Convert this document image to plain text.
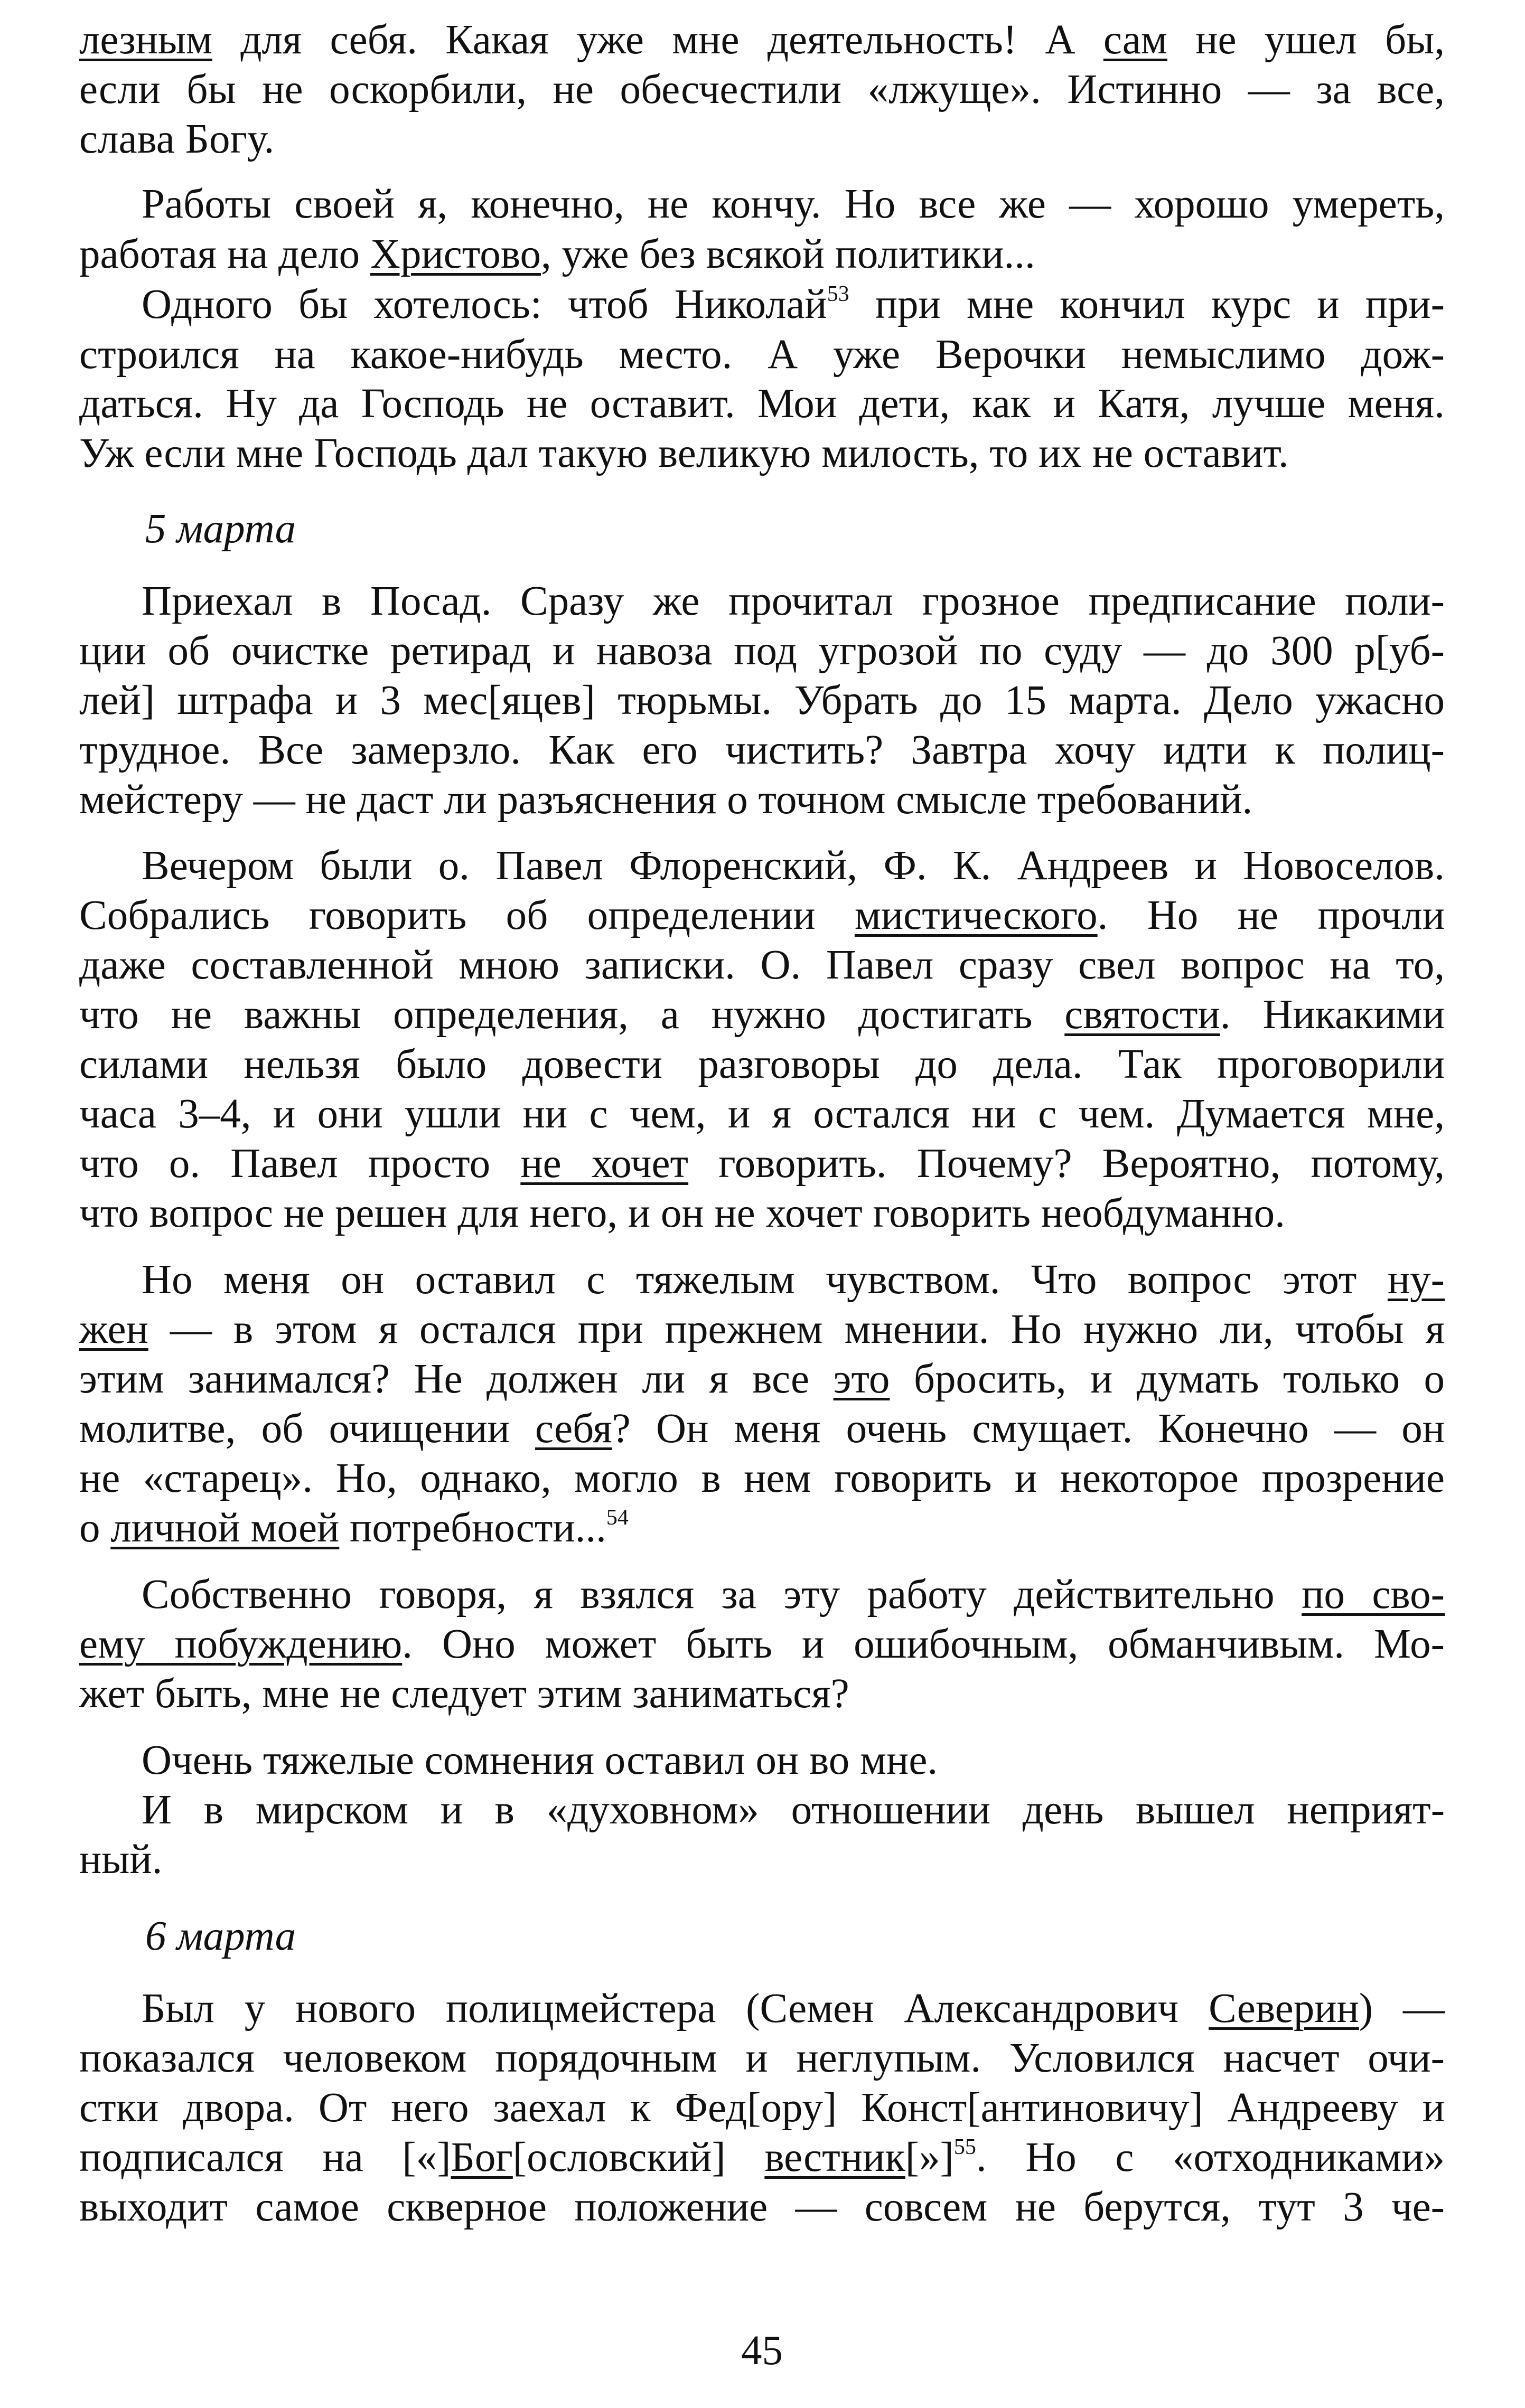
лезным для себя. Какая уже мне деятельность! А сам не ушел бы,
если бы не оскорбили, не обесчестили «лжуще». Истинно — за все,
слава Богу.
Работы своей я, конечно, не кончу. Но все же — хорошо умереть,
работая на дело Христово, уже без всякой политики...
Одного бы хотелось: чтоб Николай$^{53}$ при мне кончил курс и при-
строился на какое-нибудь место. А уже Верочки немыслимо дож-
даться. Ну да Господь не оставит. Мои дети, как и Катя, лучше меня.
Уж если мне Господь дал такую великую милость, то их не оставит.
5 марта
Приехал в Посад. Сразу же прочитал грозное предписание поли-
ции об очистке ретирад и навоза под угрозой по суду — до 300 р[уб-
лей] штрафа и 3 мес[яцев] тюрьмы. Убрать до 15 марта. Дело ужасно
трудное. Все замерзло. Как его чистить? Завтра хочу идти к полиц-
мейстеру — не даст ли разъяснения о точном смысле требований.
Вечером были о. Павел Флоренский, Ф. К. Андреев и Новоселов.
Собрались говорить об определении мистического. Но не прочли
даже составленной мною записки. О. Павел сразу свел вопрос на то,
что не важны определения, а нужно достигать святости. Никакими
силами нельзя было довести разговоры до дела. Так проговорили
часа 3–4, и они ушли ни с чем, и я остался ни с чем. Думается мне,
что о. Павел просто не хочет говорить. Почему? Вероятно, потому,
что вопрос не решен для него, и он не хочет говорить необдуманно.
Но меня он оставил с тяжелым чувством. Что вопрос этот ну-
жен — в этом я остался при прежнем мнении. Но нужно ли, чтобы я
этим занимался? Не должен ли я все это бросить, и думать только о
молитве, об очищении себя? Он меня очень смущает. Конечно — он
не «старец». Но, однако, могло в нем говорить и некоторое прозрение
о личной моей потребности...$^{54}$
Собственно говоря, я взялся за эту работу действительно по сво-
ему побуждению. Оно может быть и ошибочным, обманчивым. Мо-
жет быть, мне не следует этим заниматься?
Очень тяжелые сомнения оставил он во мне.
И в мирском и в «духовном» отношении день вышел неприят-
ный.
6 марта
Был у нового полицмейстера (Семен Александрович Северин) —
показался человеком порядочным и неглупым. Условился насчет очи-
стки двора. От него заехал к Фед[ору] Конст[антиновичу] Андрееву и
подписался на [«]Бог[ословский] вестник[»]$^{55}$. Но с «отходниками»
выходит самое скверное положение — совсем не берутся, тут 3 че-
45
